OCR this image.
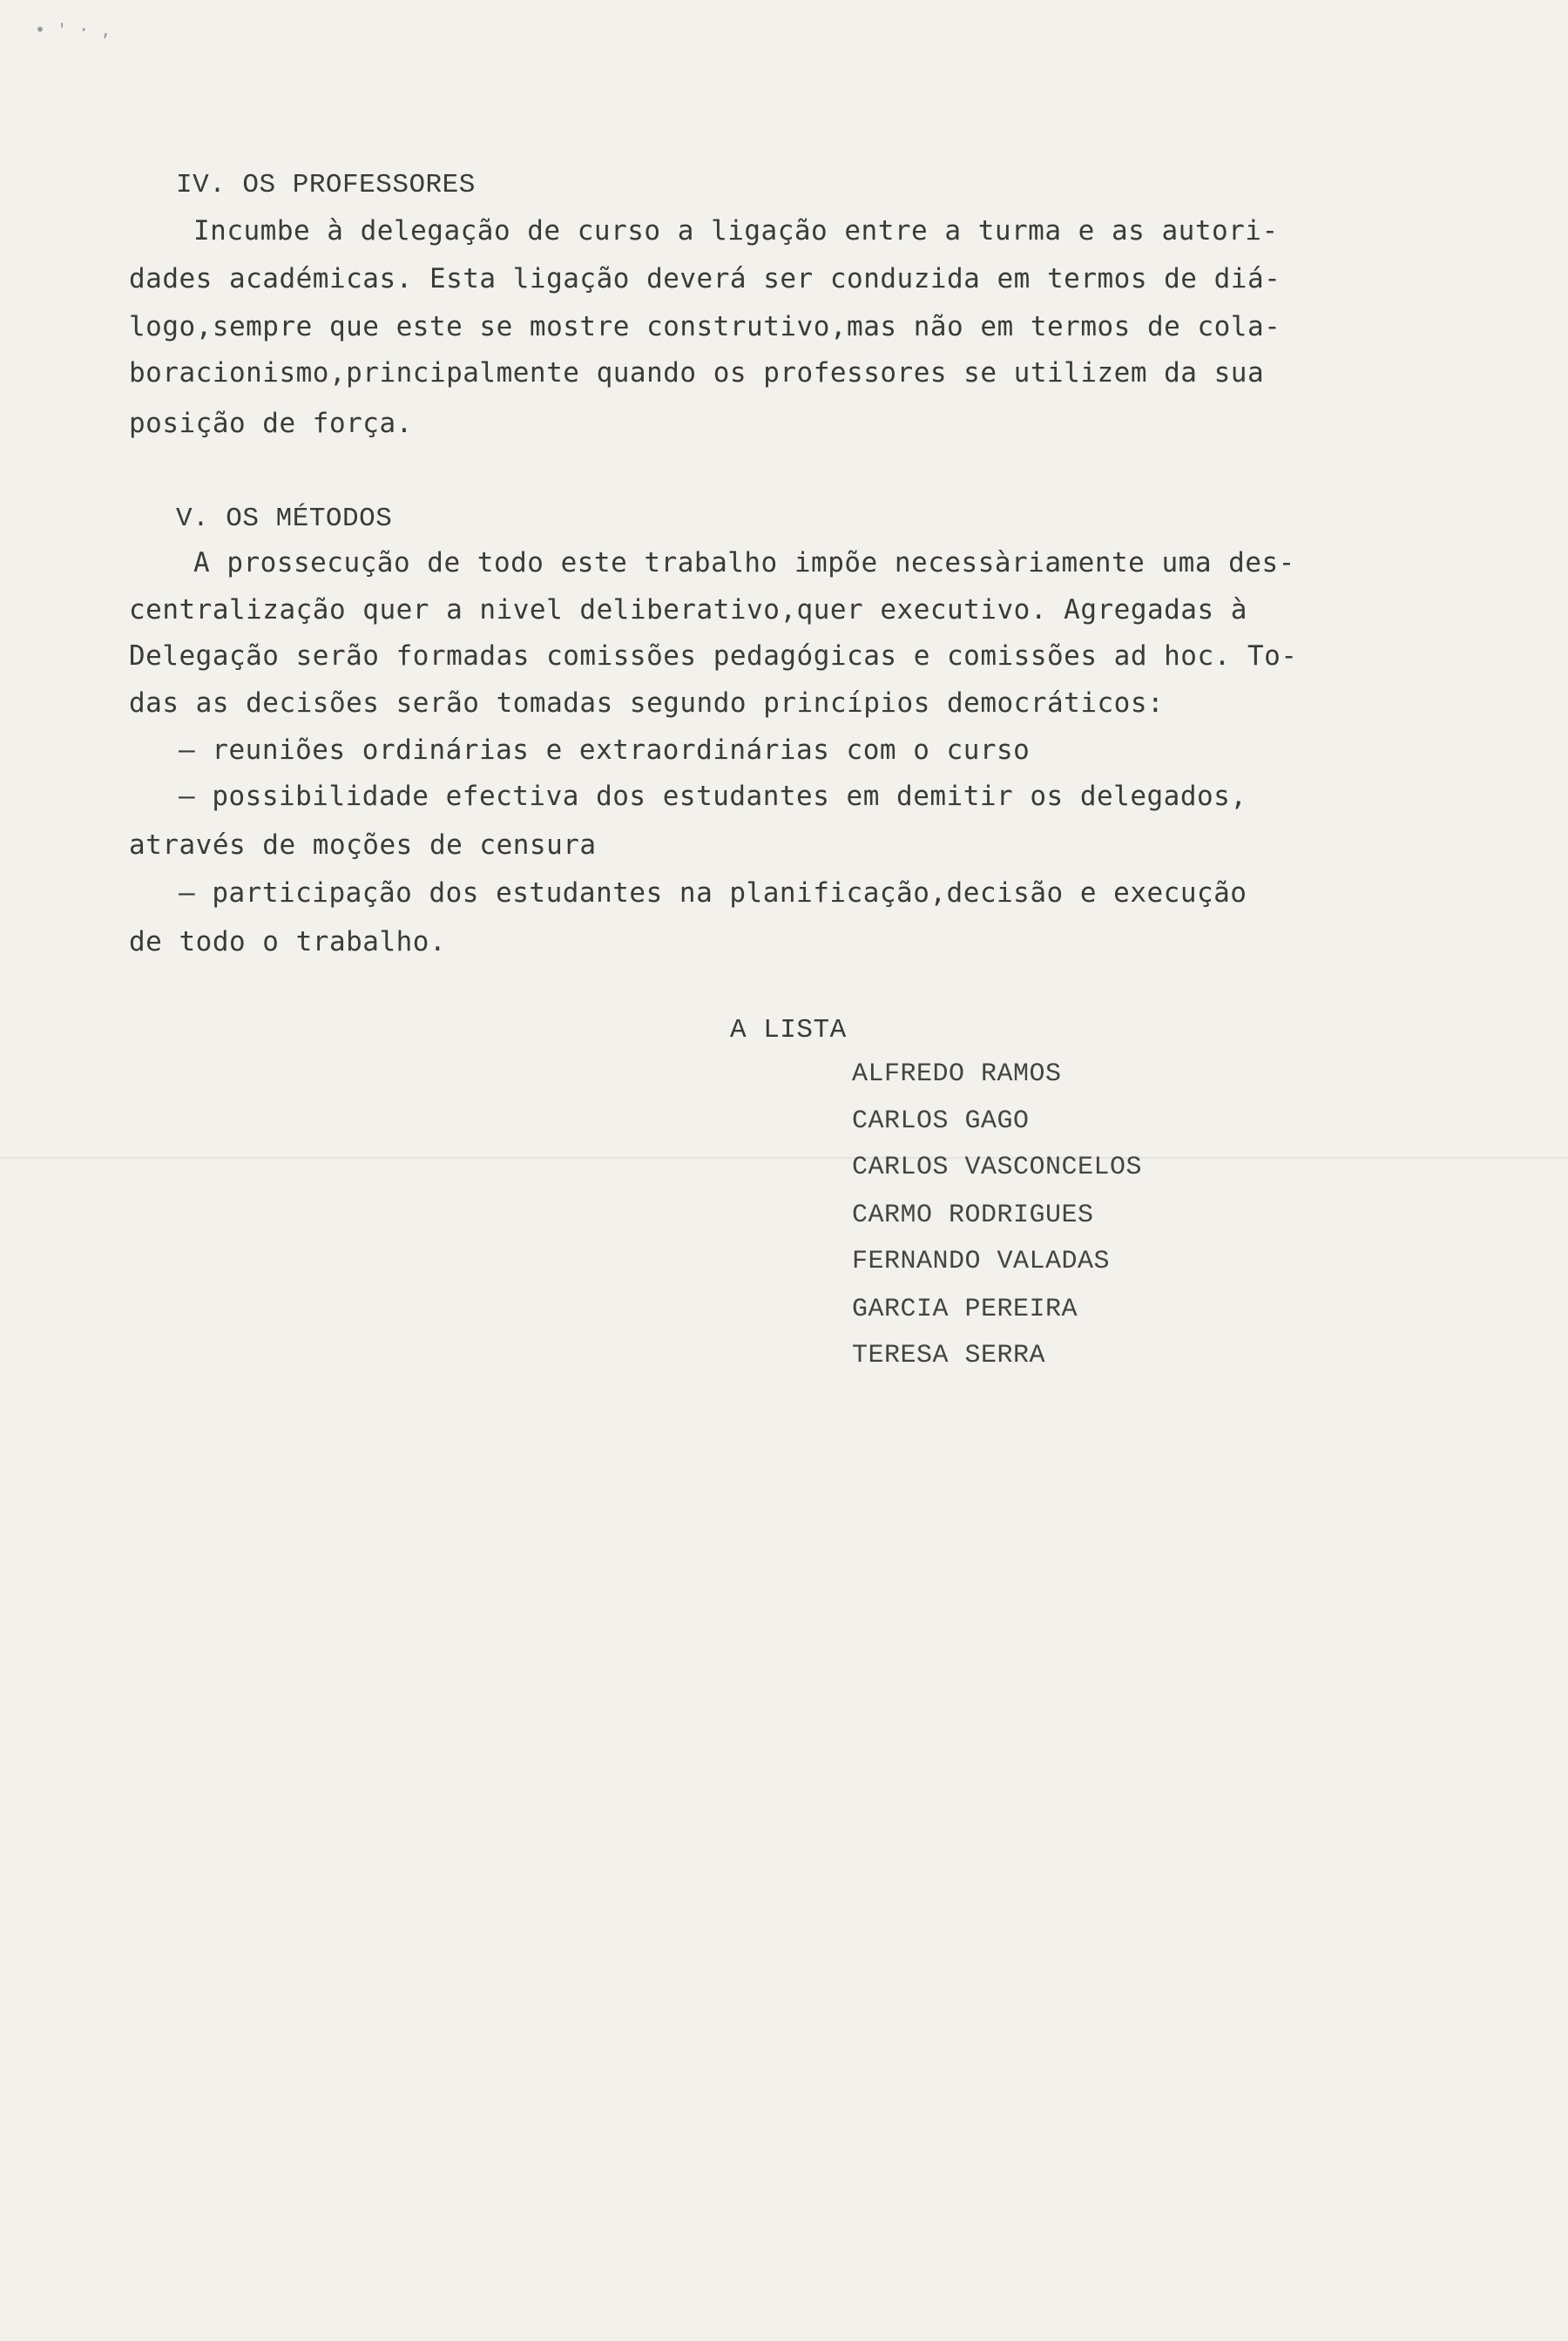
• ' · ‚
IV. OS PROFESSORES
Incumbe à delegação de curso a ligação entre a turma e as autori-
dades académicas. Esta ligação deverá ser conduzida em termos de diá-
logo,sempre que este se mostre construtivo,mas não em termos de cola-
boracionismo,principalmente quando os professores se utilizem da sua
posição de força.
V. OS MÉTODOS
A prossecução de todo este trabalho impõe necessàriamente uma des-
centralização quer a nivel deliberativo,quer executivo. Agregadas à
Delegação serão formadas comissões pedagógicas e comissões ad hoc. To-
das as decisões serão tomadas segundo princípios democráticos:
— reuniões ordinárias e extraordinárias com o curso
— possibilidade efectiva dos estudantes em demitir os delegados,
através de moções de censura
— participação dos estudantes na planificação,decisão e execução
de todo o trabalho.
A LISTA
ALFREDO RAMOS
CARLOS GAGO
CARLOS VASCONCELOS
CARMO RODRIGUES
FERNANDO VALADAS
GARCIA PEREIRA
TERESA SERRA
